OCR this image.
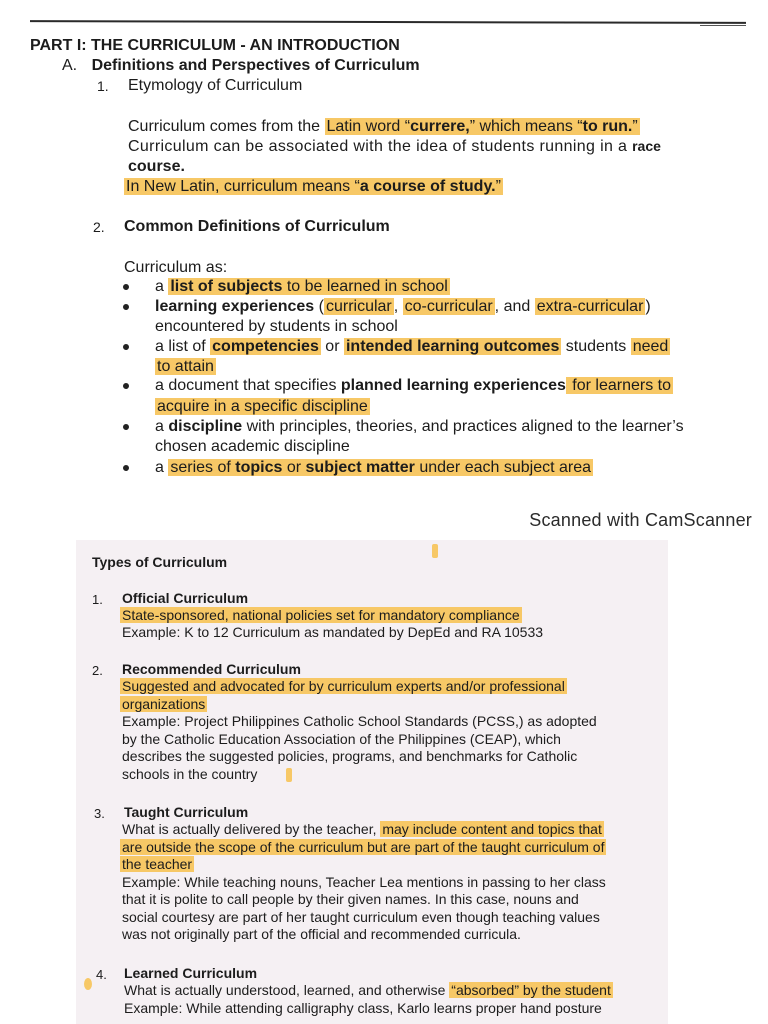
PART I: THE CURRICULUM - AN INTRODUCTION
A. Definitions and Perspectives of Curriculum
1. Etymology of Curriculum
Curriculum comes from the Latin word “currere,” which means “to run.”
Curriculum can be associated with the idea of students running in a race
course.
In New Latin, curriculum means “a course of study.”
2. Common Definitions of Curriculum
Curriculum as:
a list of subjects to be learned in school
learning experiences ( curricular , co-curricular , and extra-curricular )
encountered by students in school
a list of competencies or intended learning outcomes students need
to attain
a document that specifies planned learning experiences for learners to
acquire in a specific discipline
a discipline with principles, theories, and practices aligned to the learner’s
chosen academic discipline
a series of topics or subject matter under each subject area
Scanned with CamScanner
Types of Curriculum
1. Official Curriculum
State-sponsored, national policies set for mandatory compliance
Example: K to 12 Curriculum as mandated by DepEd and RA 10533
2. Recommended Curriculum
Suggested and advocated for by curriculum experts and/or professional
organizations
Example: Project Philippines Catholic School Standards (PCSS,) as adopted
by the Catholic Education Association of the Philippines (CEAP), which
describes the suggested policies, programs, and benchmarks for Catholic
schools in the country
3. Taught Curriculum
What is actually delivered by the teacher, may include content and topics that
are outside the scope of the curriculum but are part of the taught curriculum of
the teacher
Example: While teaching nouns, Teacher Lea mentions in passing to her class
that it is polite to call people by their given names. In this case, nouns and
social courtesy are part of her taught curriculum even though teaching values
was not originally part of the official and recommended curricula.
4. Learned Curriculum
What is actually understood, learned, and otherwise “absorbed” by the student
Example: While attending calligraphy class, Karlo learns proper hand posture
